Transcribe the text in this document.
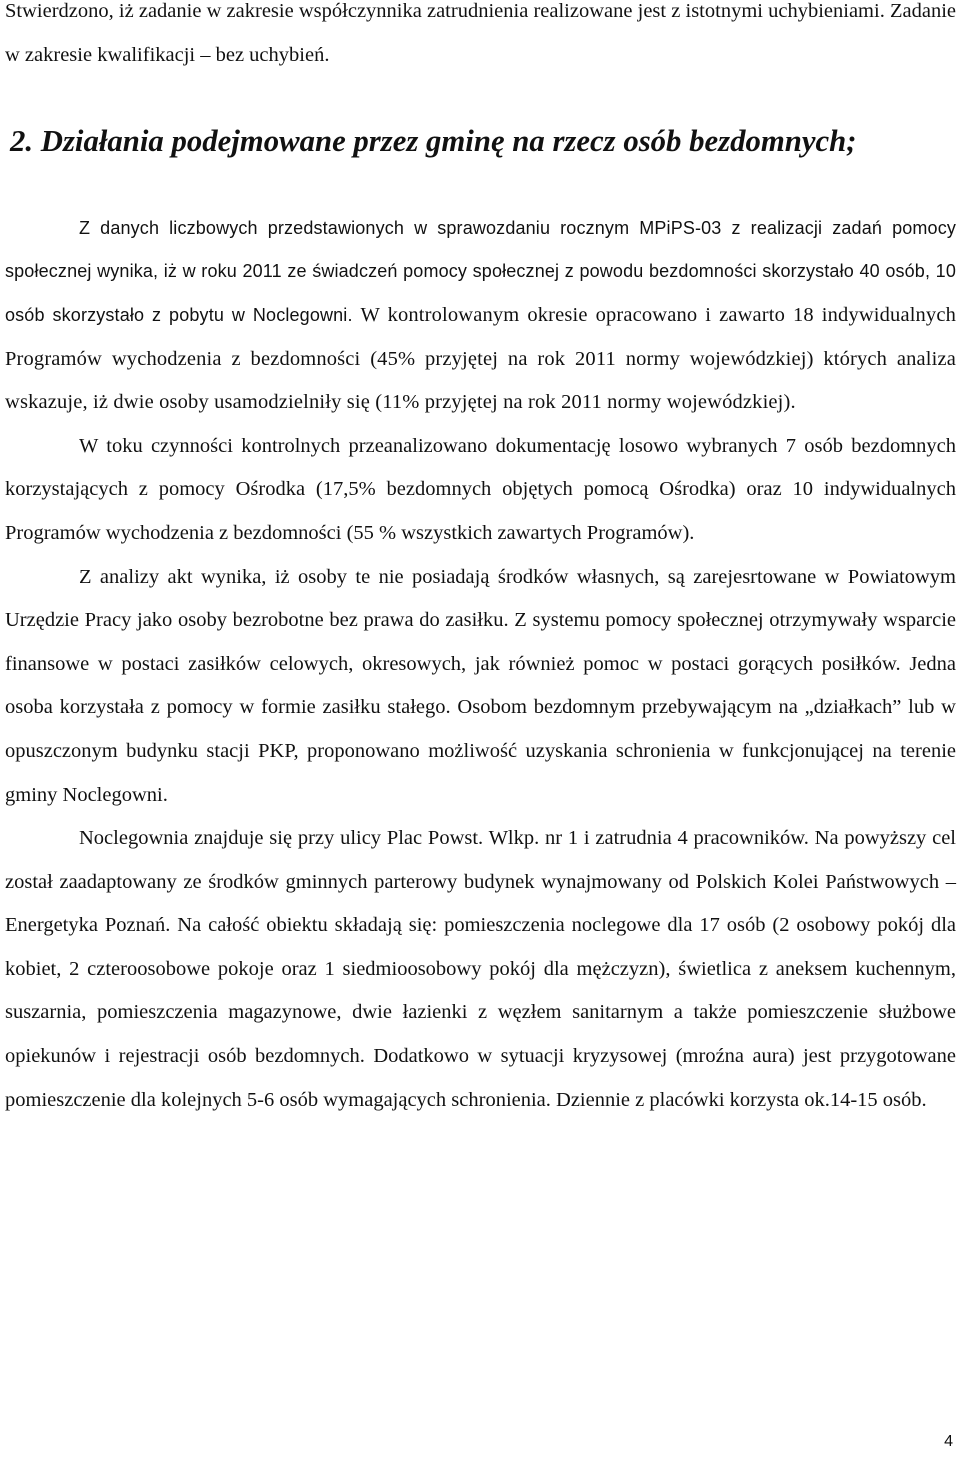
Stwierdzono, iż zadanie w zakresie współczynnika zatrudnienia realizowane jest z istotnymi uchybieniami. Zadanie w zakresie kwalifikacji – bez uchybień.

2. Działania podejmowane przez gminę na rzecz osób bezdomnych;

Z danych liczbowych przedstawionych w sprawozdaniu rocznym MPiPS-03 z realizacji zadań pomocy społecznej wynika, iż w roku 2011 ze świadczeń pomocy społecznej z powodu bezdomności skorzystało 40 osób, 10 osób skorzystało z pobytu w Noclegowni. W kontrolowanym okresie opracowano i zawarto 18 indywidualnych Programów wychodzenia z bezdomności (45% przyjętej na rok 2011 normy wojewódzkiej) których analiza wskazuje, iż dwie osoby usamodzielniły się (11% przyjętej na rok 2011 normy wojewódzkiej).

W toku czynności kontrolnych przeanalizowano dokumentację losowo wybranych 7 osób bezdomnych korzystających z pomocy Ośrodka (17,5% bezdomnych objętych pomocą Ośrodka) oraz 10 indywidualnych Programów wychodzenia z bezdomności (55 % wszystkich zawartych Programów).

Z analizy akt wynika, iż osoby te nie posiadają środków własnych, są zarejesrtowane w Powiatowym Urzędzie Pracy jako osoby bezrobotne bez prawa do zasiłku. Z systemu pomocy społecznej otrzymywały wsparcie finansowe w postaci zasiłków celowych, okresowych, jak również pomoc w postaci gorących posiłków. Jedna osoba korzystała z pomocy w formie zasiłku stałego. Osobom bezdomnym przebywającym na „działkach” lub w opuszczonym budynku stacji PKP, proponowano możliwość uzyskania schronienia w funkcjonującej na terenie gminy Noclegowni.

Noclegownia znajduje się przy ulicy Plac Powst. Wlkp. nr 1 i zatrudnia 4 pracowników. Na powyższy cel został zaadaptowany ze środków gminnych parterowy budynek wynajmowany od Polskich Kolei Państwowych – Energetyka Poznań. Na całość obiektu składają się: pomieszczenia noclegowe dla 17 osób (2 osobowy pokój dla kobiet, 2 czteroosobowe pokoje oraz 1 siedmioosobowy pokój dla mężczyzn), świetlica z aneksem kuchennym, suszarnia, pomieszczenia magazynowe, dwie łazienki z węzłem sanitarnym a także pomieszczenie służbowe opiekunów i rejestracji osób bezdomnych. Dodatkowo w sytuacji kryzysowej (mroźna aura) jest przygotowane pomieszczenie dla kolejnych 5-6 osób wymagających schronienia. Dziennie z placówki korzysta ok.14-15 osób.

4
